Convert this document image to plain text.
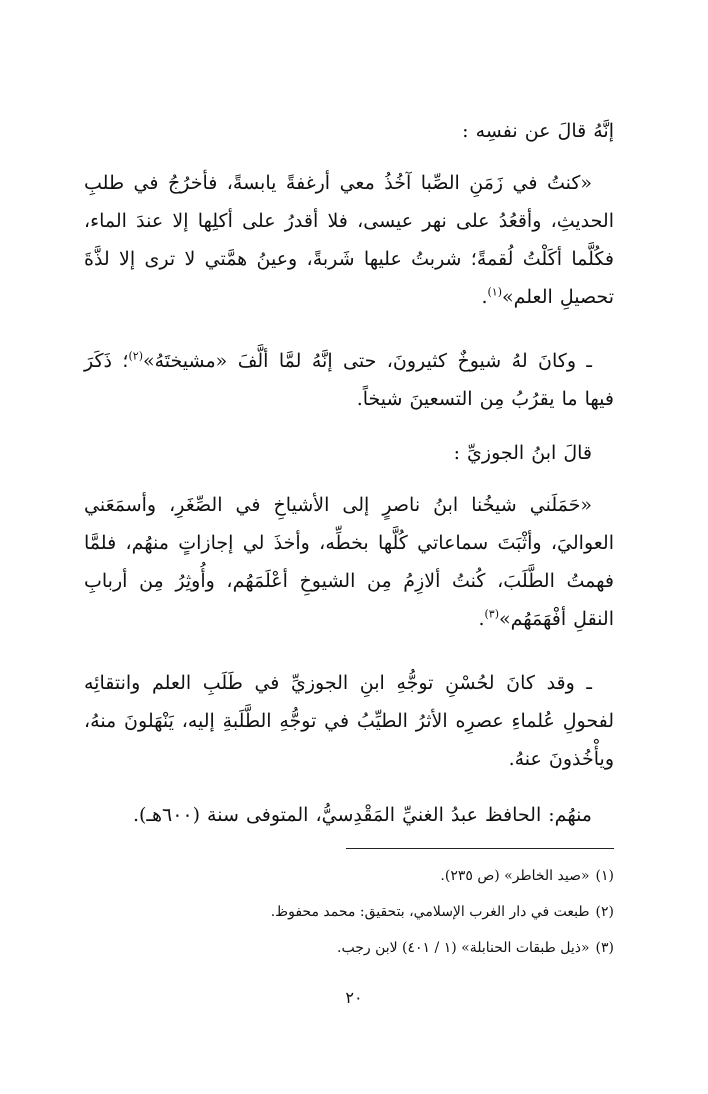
إنَّهُ قالَ عن نفسِه :
«كنتُ في زَمَنِ الصِّبا آخُذُ معي أرغفةً يابسةً، فأخرُجُ في طلبِ الحديثِ، وأقعُدُ على نهر عيسى، فلا أقدرُ على أكلِها إلا عندَ الماء، فكُلَّما أكَلْتُ لُقمةً؛ شربتُ عليها شَربةً، وعينُ همَّتي لا ترى إلا لذَّةَ تحصيلِ العلم»$^{(١)}$.
ـ وكانَ لهُ شيوخٌ كثيرونَ، حتى إنَّهُ لمَّا ألَّفَ «مشيختَهُ»$^{(٢)}$؛ ذَكَرَ فيها ما يقرُبُ مِن التسعينَ شيخاً.
قالَ ابنُ الجوزيِّ :
«حَمَلَني شيخُنا ابنُ ناصرٍ إلى الأشياخِ في الصِّغَرِ، وأسمَعَني العواليَ، وأثْبَتَ سماعاتي كُلَّها بخطِّه، وأخذَ لي إجازاتٍ منهُم، فلمَّا فهمتُ الطَّلَبَ، كُنتُ ألازِمُ مِن الشيوخِ أعْلَمَهُم، وأُوثِرُ مِن أربابِ النقلِ أفْهَمَهُم»$^{(٣)}$.
ـ وقد كانَ لحُسْنِ توجُّهِ ابنِ الجوزيِّ في طَلَبِ العلم وانتقائِه لفحولِ عُلماءِ عصرِه الأثرُ الطيِّبُ في توجُّهِ الطَّلَبةِ إليه، يَنْهَلونَ منهُ، ويأْخُذونَ عنهُ.
منهُم: الحافظ عبدُ الغنيِّ المَقْدِسيُّ، المتوفى سنة (٦٠٠هـ).
(١)«صيد الخاطر» (ص ٢٣٥).
(٢)طبعت في دار الغرب الإسلامي، بتحقيق: محمد محفوظ.
(٣)«ذيل طبقات الحنابلة» (١ / ٤٠١) لابن رجب.
٢٠
